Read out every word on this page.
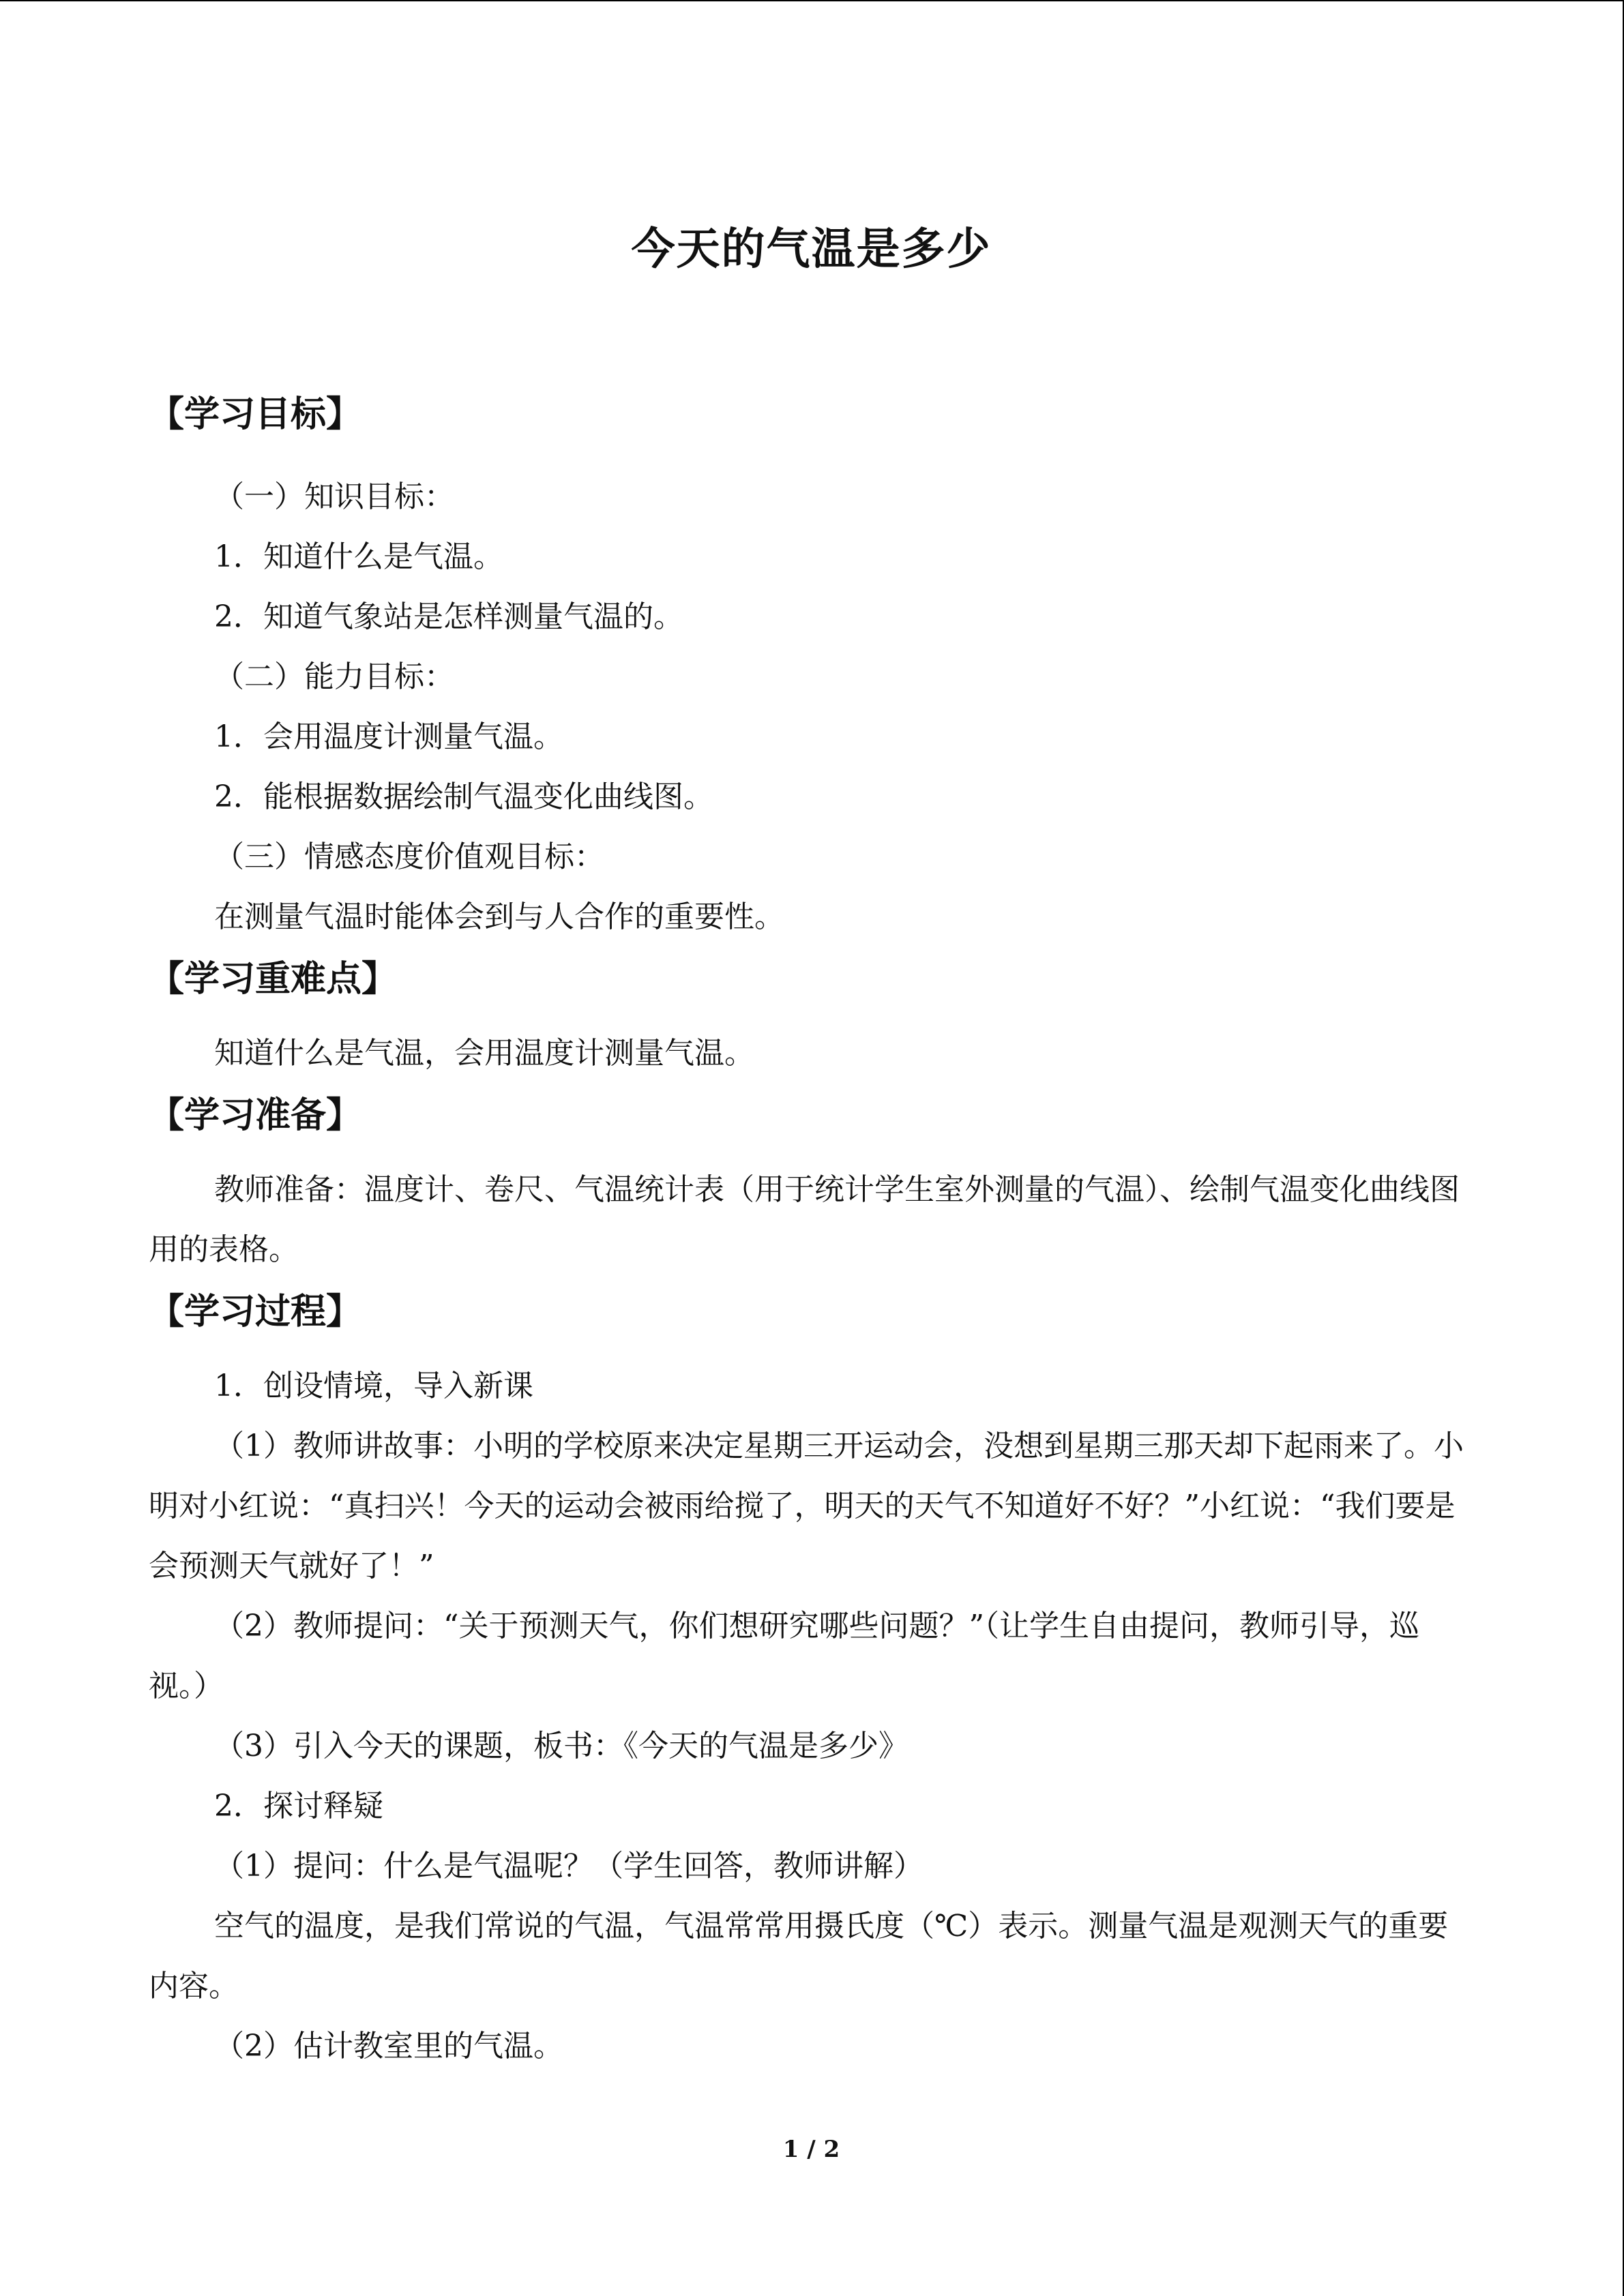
今天的气温是多少
【学习目标】

（一）知识目标：

1．知道什么是气温。

2．知道气象站是怎样测量气温的。

（二）能力目标：

1．会用温度计测量气温。

2．能根据数据绘制气温变化曲线图。

（三）情感态度价值观目标：

在测量气温时能体会到与人合作的重要性。

【学习重难点】

知道什么是气温，会用温度计测量气温。

【学习准备】

教师准备：温度计、卷尺、气温统计表（用于统计学生室外测量的气温）、绘制气温变化曲线图用的表格。

【学习过程】

1．创设情境，导入新课

（1）教师讲故事：小明的学校原来决定星期三开运动会，没想到星期三那天却下起雨来了。小明对小红说：“真扫兴！今天的运动会被雨给搅了，明天的天气不知道好不好？”小红说：“我们要是会预测天气就好了！”

（2）教师提问：“关于预测天气，你们想研究哪些问题？”（让学生自由提问，教师引导，巡视。）

（3）引入今天的课题，板书：《今天的气温是多少》

2．探讨释疑

（1）提问：什么是气温呢？（学生回答，教师讲解）

空气的温度，是我们常说的气温，气温常常用摄氏度（℃）表示。测量气温是观测天气的重要内容。

（2）估计教室里的气温。

1 / 2
